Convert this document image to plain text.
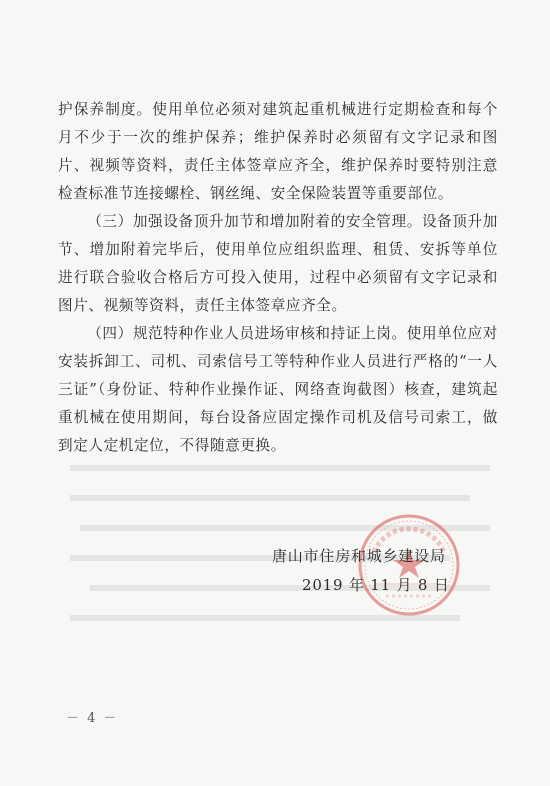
护保养制度。使用单位必须对建筑起重机械进行定期检查和每个月不少于一次的维护保养；维护保养时必须留有文字记录和图片、视频等资料，责任主体签章应齐全，维护保养时要特别注意检查标准节连接螺栓、钢丝绳、安全保险装置等重要部位。

（三）加强设备顶升加节和增加附着的安全管理。设备顶升加节、增加附着完毕后，使用单位应组织监理、租赁、安拆等单位进行联合验收合格后方可投入使用，过程中必须留有文字记录和图片、视频等资料，责任主体签章应齐全。

（四）规范特种作业人员进场审核和持证上岗。使用单位应对安装拆卸工、司机、司索信号工等特种作业人员进行严格的“一人三证”（身份证、特种作业操作证、网络查询截图）核查，建筑起重机械在使用期间，每台设备应固定操作司机及信号司索工，做到定人定机定位，不得随意更换。

唐山市住房和城乡建设局
2019 年 11 月 8 日
－ 4 －
